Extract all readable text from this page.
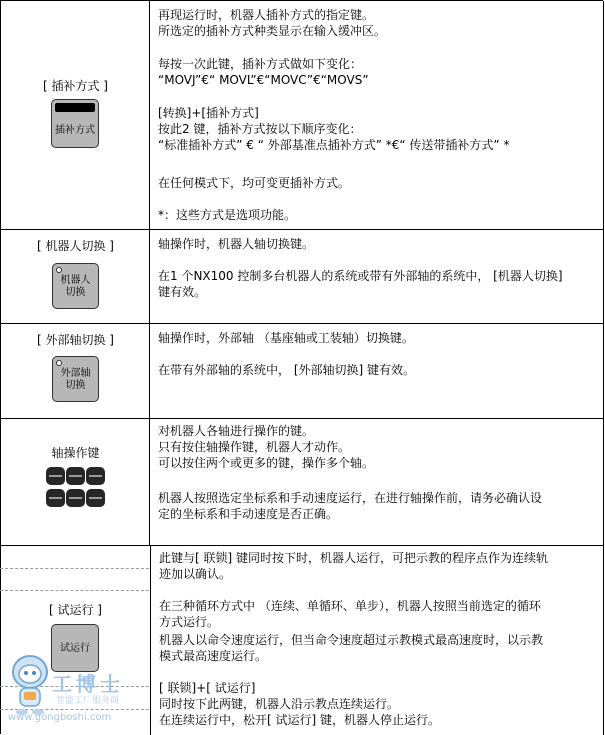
[ 插补方式 ]
插补方式

再现运行时，机器人插补方式的指定键。
所选定的插补方式种类显示在输入缓冲区。

每按一次此键，插补方式做如下变化：
“MOVJ”€“ MOVL”€“MOVC”€“MOVS”

[转换]+[插补方式]
按此2 键，插补方式按以下顺序变化：
“标准插补方式” € “ 外部基准点插补方式” *€“ 传送带插补方式” *

在任何模式下，均可变更插补方式。

*：这些方式是选项功能。

[ 机器人切换 ]
机器人
切换

轴操作时，机器人轴切换键。

在1 个NX100 控制多台机器人的系统或带有外部轴的系统中， [机器人切换]
键有效。

[ 外部轴切换 ]
外部轴
切换

轴操作时，外部轴 （基座轴或工装轴）切换键。

在带有外部轴的系统中， [外部轴切换] 键有效。

轴操作键

对机器人各轴进行操作的键。
只有按住轴操作键，机器人才动作。
可以按住两个或更多的键，操作多个轴。

机器人按照选定坐标系和手动速度运行，在进行轴操作前，请务必确认设
定的坐标系和手动速度是否正确。

[ 试运行 ]
试运行

此键与[ 联锁] 键同时按下时，机器人运行，可把示教的程序点作为连续轨
迹加以确认。

在三种循环方式中 （连续、单循环、单步），机器人按照当前选定的循环
方式运行。

机器人以命令速度运行，但当命令速度超过示教模式最高速度时，以示教
模式最高速度运行。

[ 联锁]+[ 试运行]
同时按下此两键，机器人沿示教点连续运行。
在连续运行中，松开[ 试运行] 键，机器人停止运行。

工博士
智能工厂服务商
www.gongboshi.com
